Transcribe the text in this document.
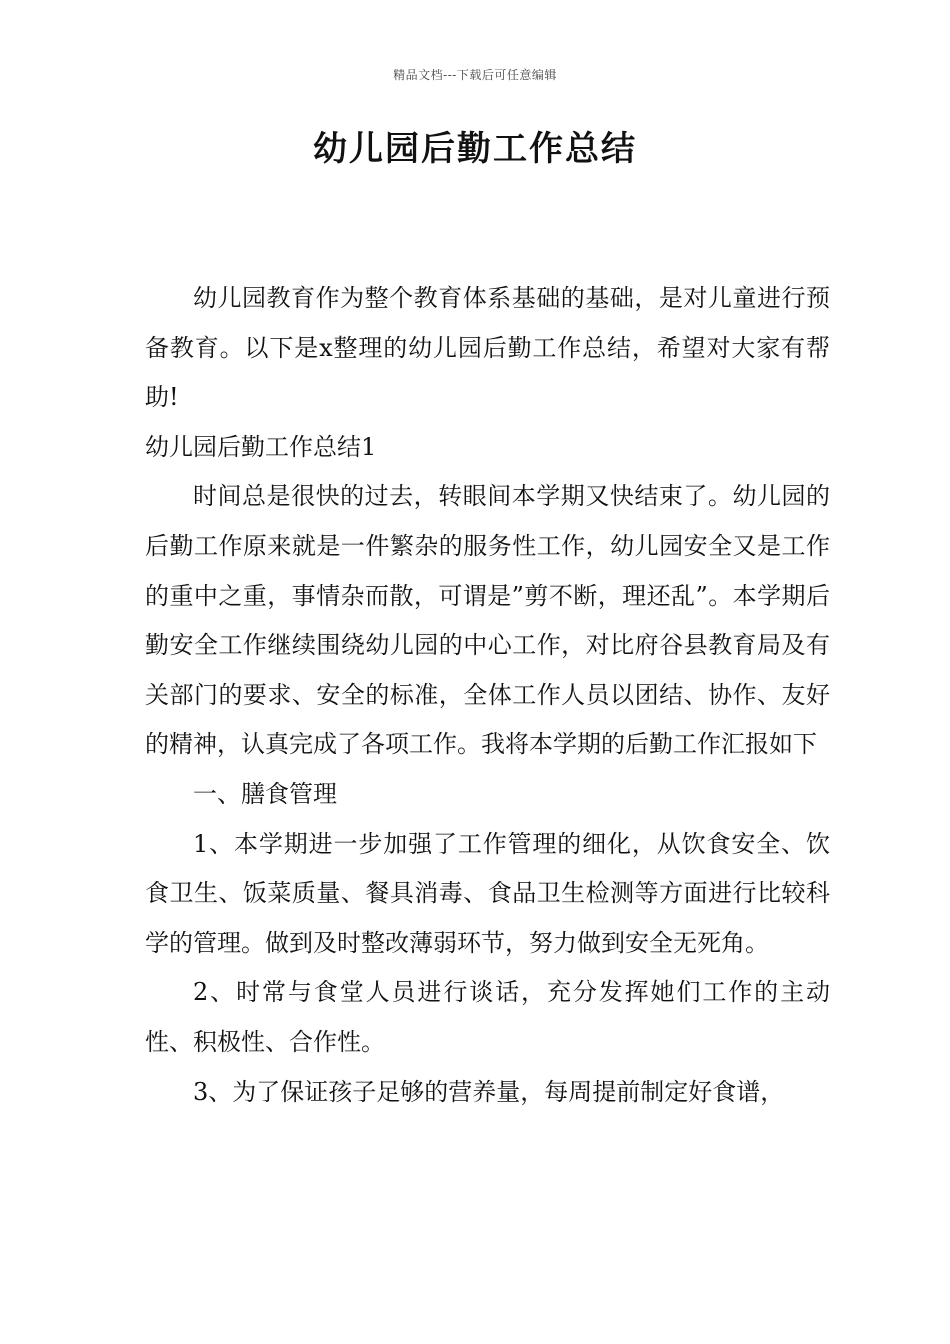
精品文档---下载后可任意编辑
幼儿园后勤工作总结

幼儿园教育作为整个教育体系基础的基础，是对儿童进行预备教育。以下是x整理的幼儿园后勤工作总结，希望对大家有帮助!

幼儿园后勤工作总结1

时间总是很快的过去，转眼间本学期又快结束了。幼儿园的后勤工作原来就是一件繁杂的服务性工作，幼儿园安全又是工作的重中之重，事情杂而散，可谓是”剪不断，理还乱”。本学期后勤安全工作继续围绕幼儿园的中心工作，对比府谷县教育局及有关部门的要求、安全的标准，全体工作人员以团结、协作、友好的精神，认真完成了各项工作。我将本学期的后勤工作汇报如下

一、膳食管理

1、本学期进一步加强了工作管理的细化，从饮食安全、饮食卫生、饭菜质量、餐具消毒、食品卫生检测等方面进行比较科学的管理。做到及时整改薄弱环节，努力做到安全无死角。

2、时常与食堂人员进行谈话，充分发挥她们工作的主动性、积极性、合作性。

3、为了保证孩子足够的营养量，每周提前制定好食谱，
